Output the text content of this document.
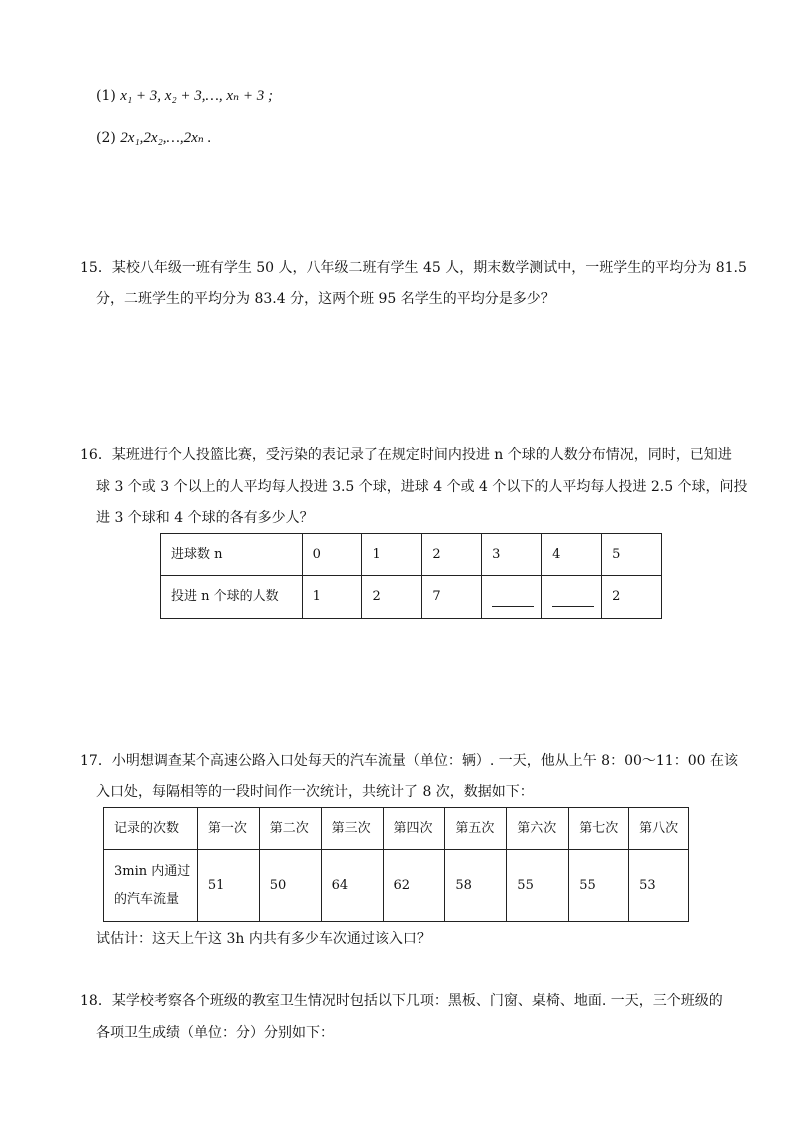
(1) x₁ + 3, x₂ + 3,…, xₙ + 3 ;
(2) 2x₁,2x₂,…,2xₙ .
15．某校八年级一班有学生 50 人，八年级二班有学生 45 人，期末数学测试中，一班学生的平均分为 81.5
分，二班学生的平均分为 83.4 分，这两个班 95 名学生的平均分是多少？
16．某班进行个人投篮比赛，受污染的表记录了在规定时间内投进 n 个球的人数分布情况，同时，已知进
球 3 个或 3 个以上的人平均每人投进 3.5 个球，进球 4 个或 4 个以下的人平均每人投进 2.5 个球，问投
进 3 个球和 4 个球的各有多少人？
进球数 n	0	1	2	3	4	5
投进 n 个球的人数	1	2	7			2
17．小明想调查某个高速公路入口处每天的汽车流量（单位：辆）. 一天，他从上午 8：00～11：00 在该
入口处，每隔相等的一段时间作一次统计，共统计了 8 次，数据如下：
记录的次数	第一次	第二次	第三次	第四次	第五次	第六次	第七次	第八次

3min 内通过
的汽车流量	51	50	64	62	58	55	55	53
试估计：这天上午这 3h 内共有多少车次通过该入口？
18．某学校考察各个班级的教室卫生情况时包括以下几项：黑板、门窗、桌椅、地面. 一天，三个班级的
各项卫生成绩（单位：分）分别如下：
